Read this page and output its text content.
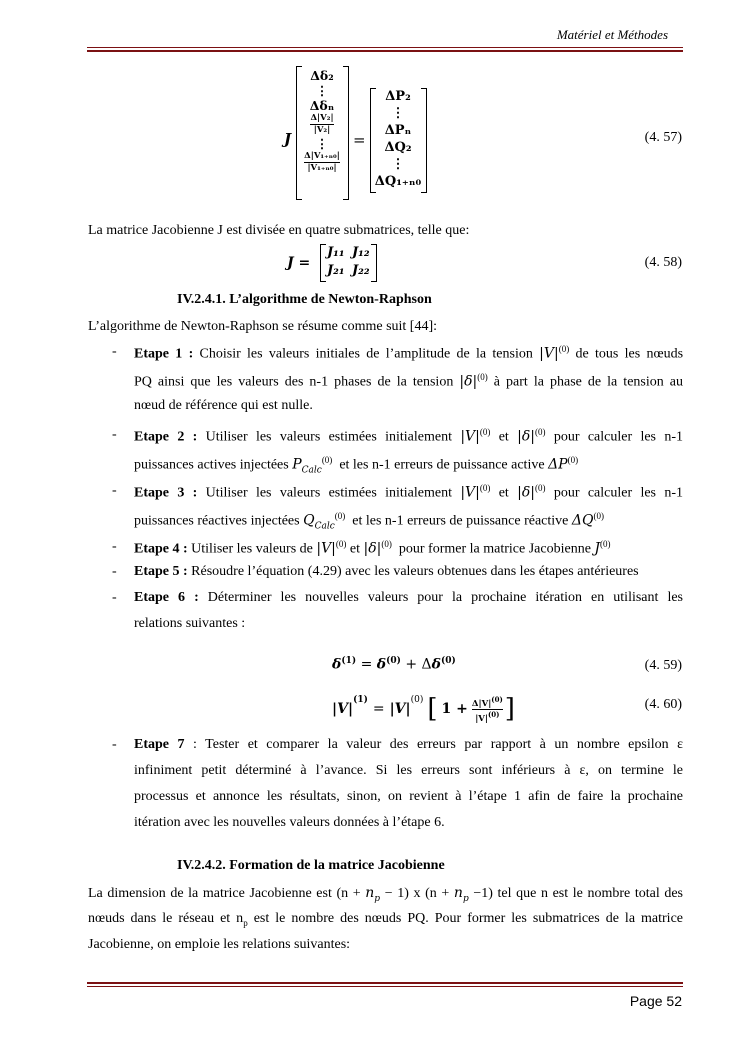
Matériel et Méthodes
J
Δδ₂
⋮
Δδₙ
$\frac{\text{Δ|V₂|}}{\text{|V₂|}}$
⋮
$\frac{\text{Δ|V₁₊ₙ₀|}}{\text{|V₁₊ₙ₀|}}$
=
ΔP₂
⋮
ΔPₙ
ΔQ₂
⋮
ΔQ₁₊ₙ₀
(4. 57)
La matrice Jacobienne J est divisée en quatre submatrices, telle que:
J =
J₁₁ J₁₂
J₂₁ J₂₂
(4. 58)
IV.2.4.1. L’algorithme de Newton-Raphson
L’algorithme de Newton-Raphson se résume comme suit [44]:
- Etape 1 : Choisir les valeurs initiales de l’amplitude de la tension $|V|^{(0)}$ de tous les nœuds
PQ ainsi que les valeurs des n-1 phases de la tension $|\delta|^{(0)}$ à part la phase de la tension au
nœud de référence qui est nulle.
- Etape 2 : Utiliser les valeurs estimées initialement $|V|^{(0)}$ et $|\delta|^{(0)}$ pour calculer les n-1
puissances actives injectées $P_{Calc}^{(0)}$ et les n-1 erreurs de puissance active ΔP$^{(0)}$
- Etape 3 : Utiliser les valeurs estimées initialement $|V|^{(0)}$ et $|\delta|^{(0)}$ pour calculer les n-1
puissances réactives injectées $Q_{Calc}^{(0)}$ et les n-1 erreurs de puissance réactive ΔQ$^{(0)}$
- Etape 4 : Utiliser les valeurs de $|V|^{(0)}$ et $|\delta|^{(0)}$ pour former la matrice Jacobienne $J^{(0)}$
- Etape 5 : Résoudre l’équation (4.29) avec les valeurs obtenues dans les étapes antérieures
- Etape 6 : Déterminer les nouvelles valeurs pour la prochaine itération en utilisant les
relations suivantes :
$\delta^{(1)} = \delta^{(0)} + \Delta\delta^{(0)}$	(4. 59)
|V|
$^{(1)}$
= |V|
$^{(0)}$ [ $1 + \frac{\Delta|V|^{(0)}}{|V|^{(0)}}$ ]	(4. 60)
- Etape 7 : Tester et comparer la valeur des erreurs par rapport à un nombre epsilon ε
infiniment petit déterminé à l’avance. Si les erreurs sont inférieurs à ε, on termine le
processus et annonce les résultats, sinon, on revient à l’étape 1 afin de faire la prochaine
itération avec les nouvelles valeurs données à l’étape 6.
IV.2.4.2. Formation de la matrice Jacobienne
La dimension de la matrice Jacobienne est $(n + n_p - 1)$ x $(n + n_p -1)$ tel que n est le nombre total des
nœuds dans le réseau et $n_p$ est le nombre des nœuds PQ. Pour former les submatrices de la matrice
Jacobienne, on emploie les relations suivantes:
Page 52
